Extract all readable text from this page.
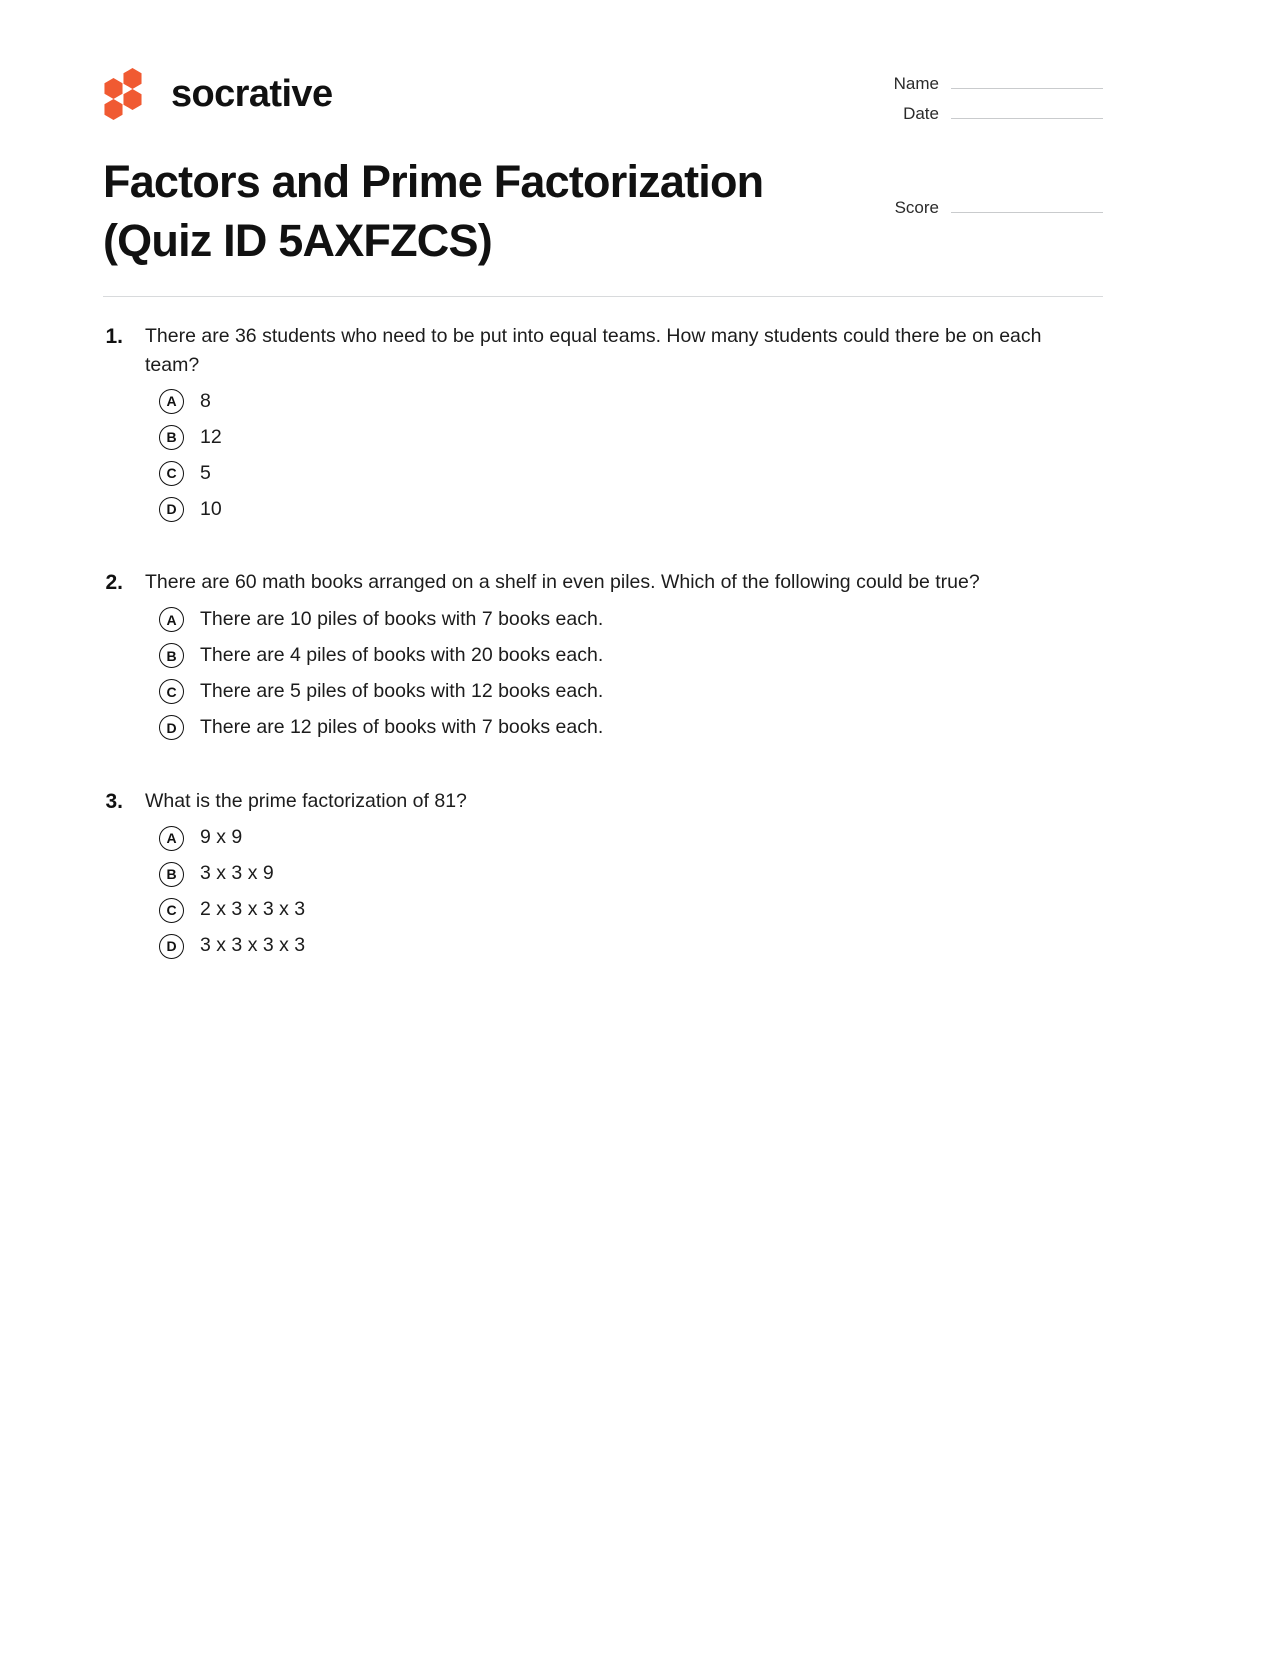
socrative	Name
Date
Factors and Prime Factorization (Quiz ID 5AXFZCS)
Score
1.	There are 36 students who need to be put into equal teams. How many students could there be on each team?
A	8
B	12
C	5
D	10
2.	There are 60 math books arranged on a shelf in even piles. Which of the following could be true?
A	There are 10 piles of books with 7 books each.
B	There are 4 piles of books with 20 books each.
C	There are 5 piles of books with 12 books each.
D	There are 12 piles of books with 7 books each.
3.	What is the prime factorization of 81?
A	9 x 9
B	3 x 3 x 9
C	2 x 3 x 3 x 3
D	3 x 3 x 3 x 3
